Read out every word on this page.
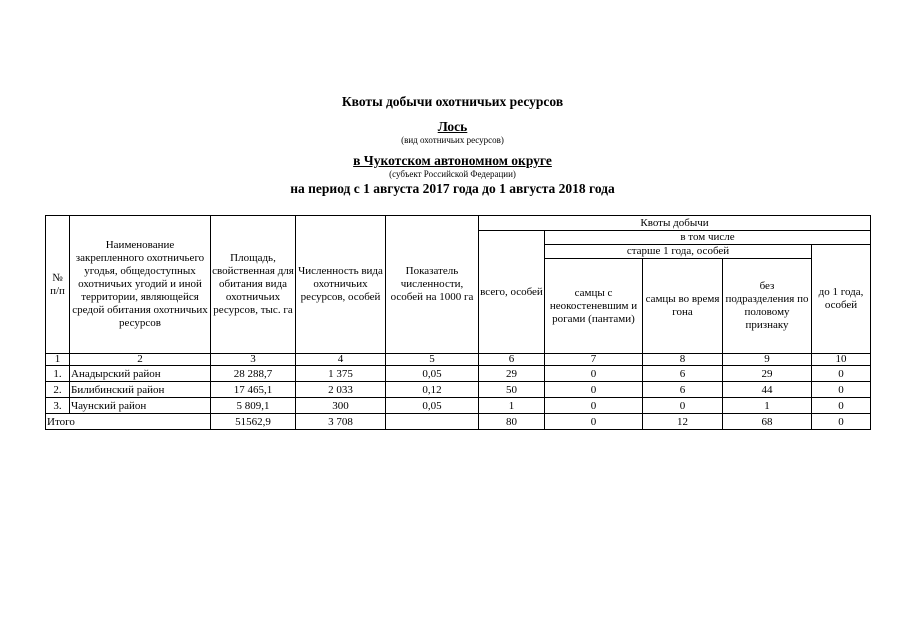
Квоты добычи охотничьих ресурсов
Лось
(вид охотничьих ресурсов)
в Чукотском автономном округе
(субъект Российской Федерации)
на период с 1 августа 2017 года до 1 августа 2018 года
№ п/п	Наименование закрепленного охотничьего угодья, общедоступных охотничьих угодий и иной территории, являющейся средой обитания охотничьих ресурсов	Площадь, свойственная для обитания вида охотничьих ресурсов, тыс. га	Численность вида охотничьих ресурсов, особей	Показатель численности, особей на 1000 га	Квоты добычи				
					всего, особей	в том числе			
						старше 1 года, особей			до 1 года, особей
						самцы с неокостеневшим и рогами (пантами)	самцы во время гона	без подразделения по половому признаку	
1	2	3	4	5	6	7	8	9	10
1.	Анадырский район	28 288,7	1 375	0,05	29	0	6	29	0
2.	Билибинский район	17 465,1	2 033	0,12	50	0	6	44	0
3.	Чаунский район	5 809,1	300	0,05	1	0	0	1	0
Итого		51562,9	3 708		80	0	12	68	0
